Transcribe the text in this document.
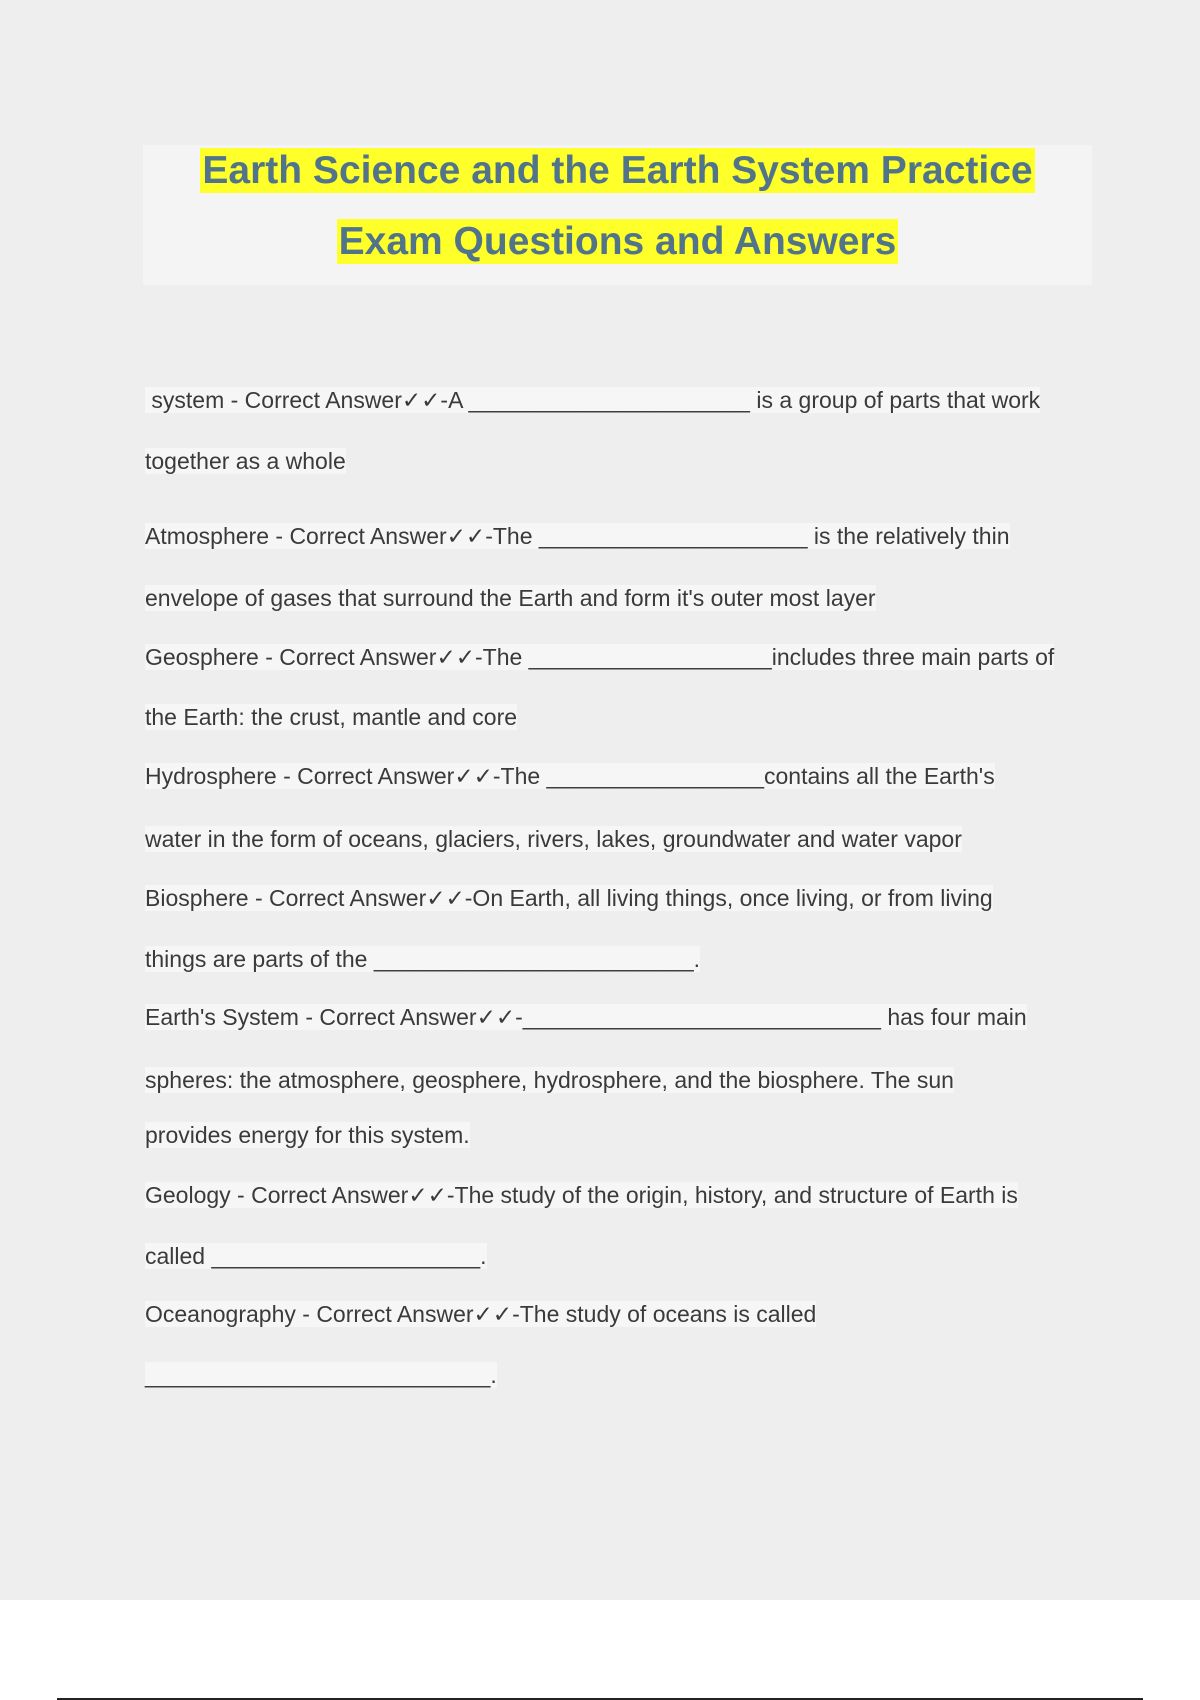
Earth Science and the Earth System Practice
Exam Questions and Answers
system - Correct Answer✓✓-A ______________________ is a group of parts that work
together as a whole
Atmosphere - Correct Answer✓✓-The _____________________ is the relatively thin
envelope of gases that surround the Earth and form it's outer most layer
Geosphere - Correct Answer✓✓-The ___________________includes three main parts of
the Earth: the crust, mantle and core
Hydrosphere - Correct Answer✓✓-The _________________contains all the Earth's
water in the form of oceans, glaciers, rivers, lakes, groundwater and water vapor
Biosphere - Correct Answer✓✓-On Earth, all living things, once living, or from living
things are parts of the _________________________.
Earth's System - Correct Answer✓✓-____________________________ has four main
spheres: the atmosphere, geosphere, hydrosphere, and the biosphere. The sun
provides energy for this system.
Geology - Correct Answer✓✓-The study of the origin, history, and structure of Earth is
called _____________________.
Oceanography - Correct Answer✓✓-The study of oceans is called
___________________________.
